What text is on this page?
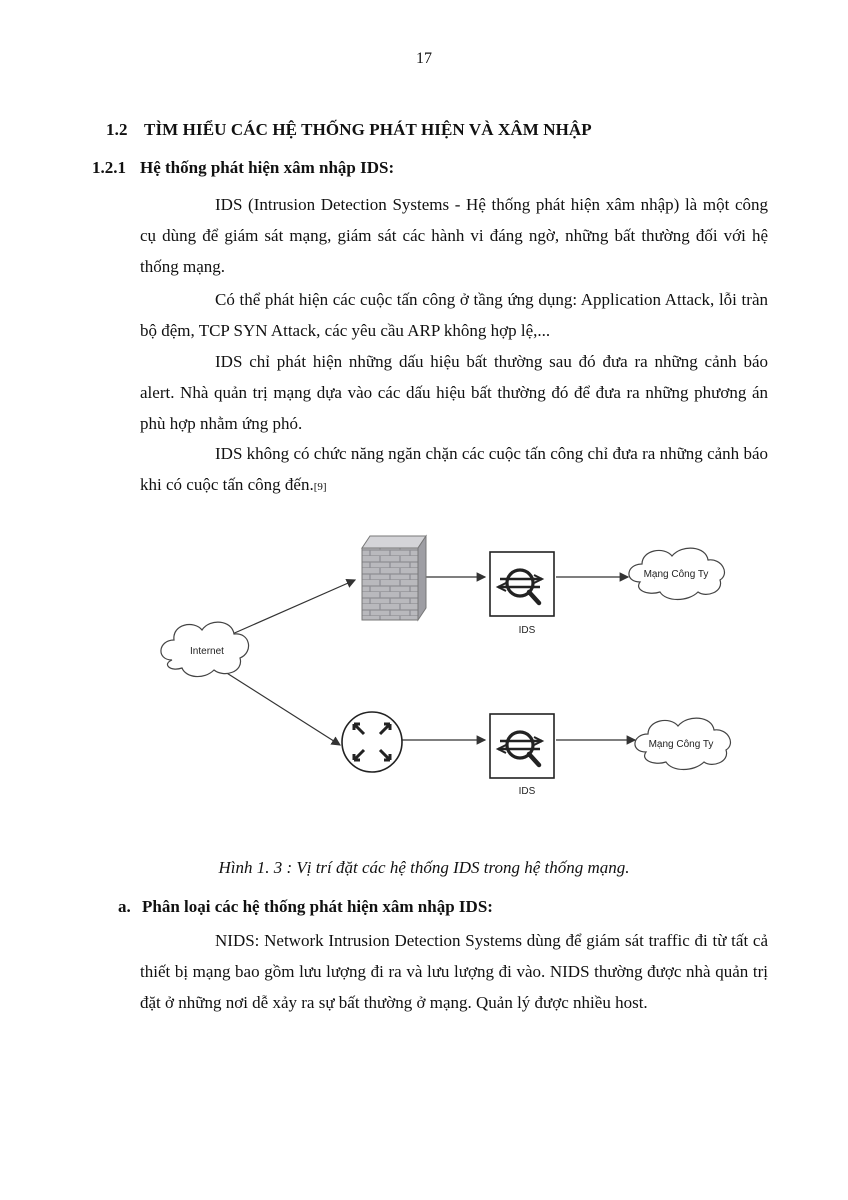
17
1.2 TÌM HIỂU CÁC HỆ THỐNG PHÁT HIỆN VÀ XÂM NHẬP
1.2.1 Hệ thống phát hiện xâm nhập IDS:

IDS (Intrusion Detection Systems - Hệ thống phát hiện xâm nhập) là một công cụ dùng để giám sát mạng, giám sát các hành vi đáng ngờ, những bất thường đối với hệ thống mạng.

Có thể phát hiện các cuộc tấn công ở tầng ứng dụng: Application Attack, lỗi tràn bộ đệm, TCP SYN Attack, các yêu cầu ARP không hợp lệ,...

IDS chỉ phát hiện những dấu hiệu bất thường sau đó đưa ra những cảnh báo alert. Nhà quản trị mạng dựa vào các dấu hiệu bất thường đó để đưa ra những phương án phù hợp nhằm ứng phó.

IDS không có chức năng ngăn chặn các cuộc tấn công chỉ đưa ra những cảnh báo khi có cuộc tấn công đến.[9]

Internet
IDS
Mạng Công Ty
IDS
Mạng Công Ty
Hình 1. 3 : Vị trí đặt các hệ thống IDS trong hệ thống mạng.
a. Phân loại các hệ thống phát hiện xâm nhập IDS:

NIDS: Network Intrusion Detection Systems dùng để giám sát traffic đi từ tất cả thiết bị mạng bao gồm lưu lượng đi ra và lưu lượng đi vào. NIDS thường được nhà quản trị đặt ở những nơi dễ xảy ra sự bất thường ở mạng. Quản lý được nhiều host.
